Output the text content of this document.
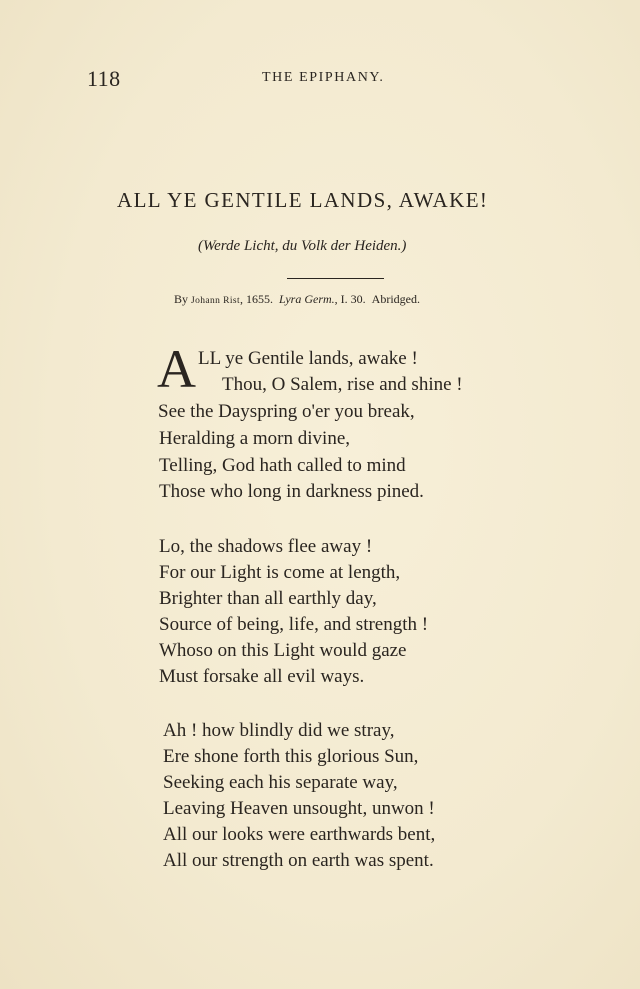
118	THE EPIPHANY.
ALL YE GENTILE LANDS, AWAKE!
(Werde Licht, du Volk der Heiden.)
By Johann Rist, 1655. Lyra Germ., I. 30. Abridged.
A LL ye Gentile lands, awake !
Thou, O Salem, rise and shine !
See the Dayspring o'er you break,
Heralding a morn divine,
Telling, God hath called to mind
Those who long in darkness pined.
Lo, the shadows flee away !
For our Light is come at length,
Brighter than all earthly day,
Source of being, life, and strength !
Whoso on this Light would gaze
Must forsake all evil ways.
Ah ! how blindly did we stray,
Ere shone forth this glorious Sun,
Seeking each his separate way,
Leaving Heaven unsought, unwon !
All our looks were earthwards bent,
All our strength on earth was spent.
